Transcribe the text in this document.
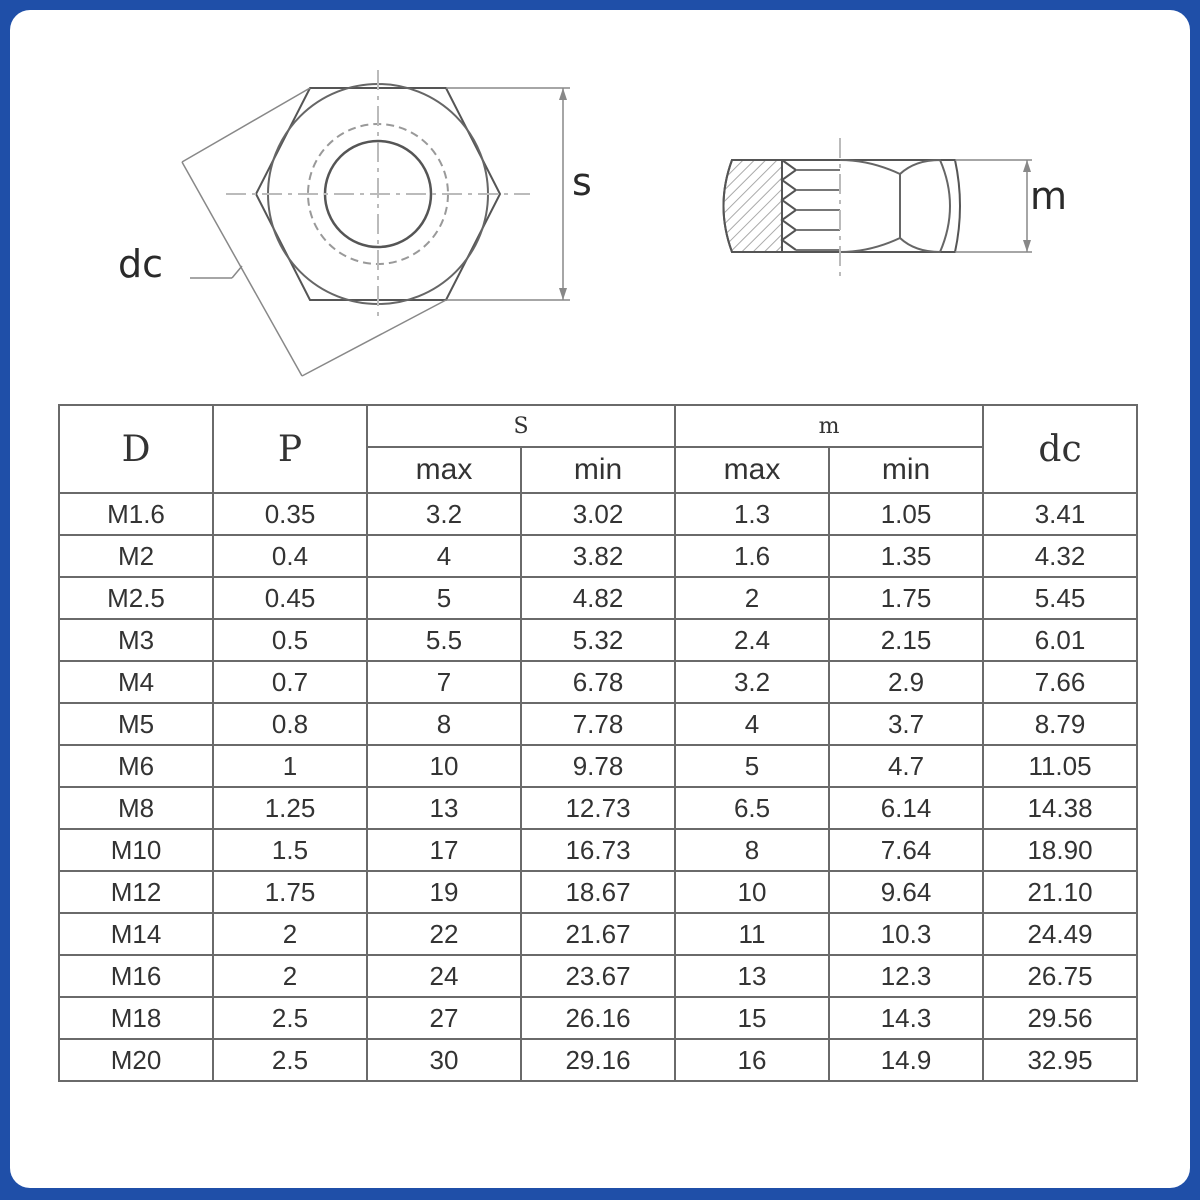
dc
s	m
D	P	S		m		dc
		max	min	max	min	
M1.6	0.35	3.2	3.02	1.3	1.05	3.41
M2	0.4	4	3.82	1.6	1.35	4.32
M2.5	0.45	5	4.82	2	1.75	5.45
M3	0.5	5.5	5.32	2.4	2.15	6.01
M4	0.7	7	6.78	3.2	2.9	7.66
M5	0.8	8	7.78	4	3.7	8.79
M6	1	10	9.78	5	4.7	11.05
M8	1.25	13	12.73	6.5	6.14	14.38
M10	1.5	17	16.73	8	7.64	18.90
M12	1.75	19	18.67	10	9.64	21.10
M14	2	22	21.67	11	10.3	24.49
M16	2	24	23.67	13	12.3	26.75
M18	2.5	27	26.16	15	14.3	29.56
M20	2.5	30	29.16	16	14.9	32.95
